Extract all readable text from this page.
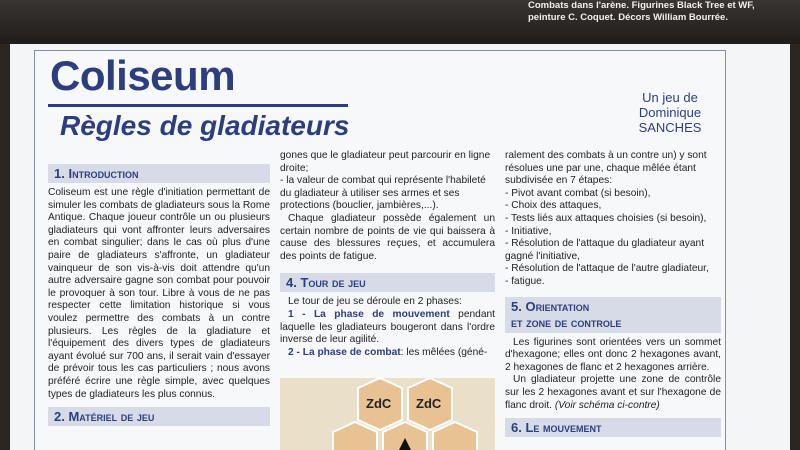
Combats dans l'arène. Figurines Black Tree et WF, peinture C. Coquet. Décors William Bourrée.
Coliseum
Règles de gladiateurs
Un jeu de
Dominique
SANCHES
1. Introduction

Coliseum est une règle d'initiation permettant de simuler les combats de gladiateurs sous la Rome Antique. Chaque joueur contrôle un ou plusieurs gladiateurs qui vont affronter leurs adversaires en combat singulier; dans le cas où plus d'une paire de gladiateurs s'affronte, un gladiateur vainqueur de son vis-à-vis doit attendre qu'un autre adversaire gagne son combat pour pouvoir le provoquer à son tour. Libre à vous de ne pas respecter cette limitation historique si vous voulez permettre des combats à un contre plusieurs. Les règles de la gladiature et l'équipement des divers types de gladiateurs ayant évolué sur 700 ans, il serait vain d'essayer de prévoir tous les cas particuliers ; nous avons préféré écrire une règle simple, avec quelques types de gladiateurs les plus connus.

2. Matériel de jeu

gones que le gladiateur peut parcourir en ligne droite;

- la valeur de combat qui représente l'habileté du gladiateur à utiliser ses armes et ses protections (bouclier, jambières,...).

Chaque gladiateur possède également un certain nombre de points de vie qui baissera à cause des blessures reçues, et accumulera des points de fatigue.

4. Tour de jeu

Le tour de jeu se déroule en 2 phases:

1 - La phase de mouvement pendant laquelle les gladiateurs bougeront dans l'ordre inverse de leur agilité.

2 - La phase de combat: les mêlées (géné-

ralement des combats à un contre un) y sont résolues une par une, chaque mêlée étant subdivisée en 7 étapes:

- Pivot avant combat (si besoin),
- Choix des attaques,
- Tests liés aux attaques choisies (si besoin),
- Initiative,
- Résolution de l'attaque du gladiateur ayant gagné l'initiative,
- Résolution de l'attaque de l'autre gladiateur,
- fatigue.
5. Orientation
et zone de controle

Les figurines sont orientées vers un sommet d'hexagone; elles ont donc 2 hexagones avant, 2 hexagones de flanc et 2 hexagones arrière.

Un gladiateur projette une zone de contrôle sur les 2 hexagones avant et sur l'hexagone de flanc droit. (Voir schéma ci-contre)

6. Le mouvement
ZdC ZdC
